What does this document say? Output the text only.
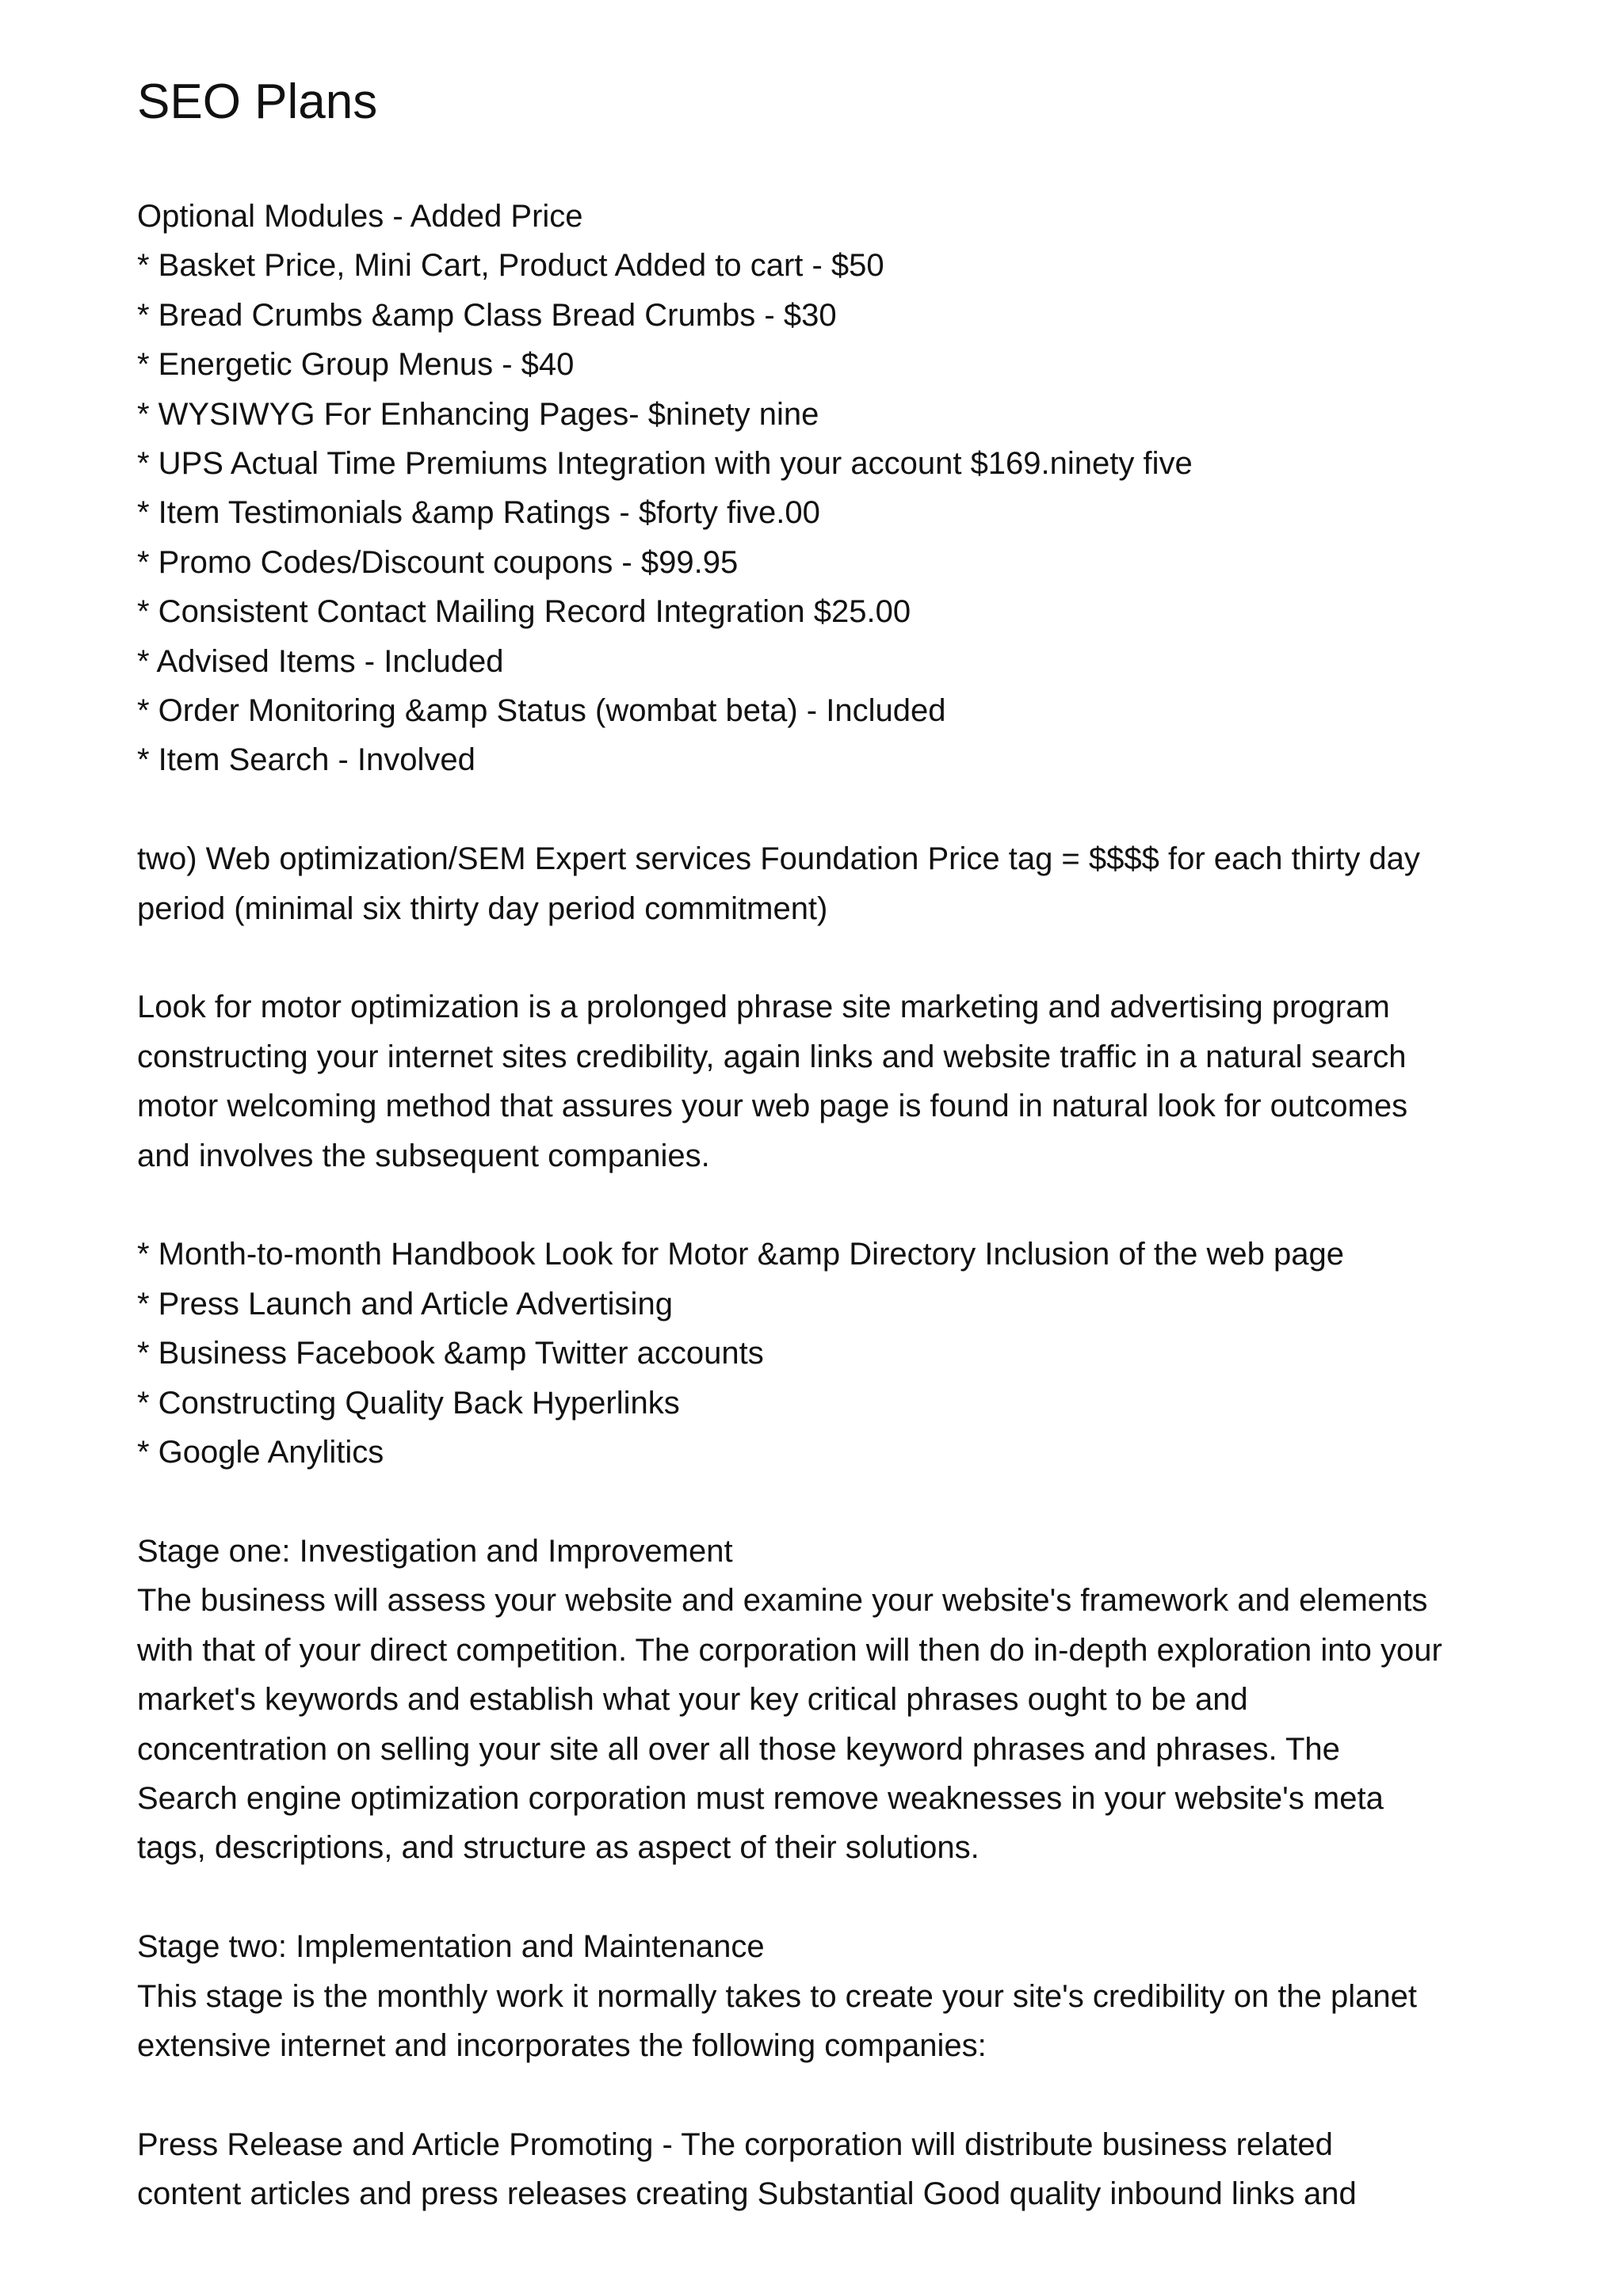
SEO Plans
Optional Modules - Added Price
* Basket Price, Mini Cart, Product Added to cart - $50
* Bread Crumbs &amp Class Bread Crumbs - $30
* Energetic Group Menus - $40
* WYSIWYG For Enhancing Pages- $ninety nine
* UPS Actual Time Premiums Integration with your account $169.ninety five
* Item Testimonials &amp Ratings - $forty five.00
* Promo Codes/Discount coupons - $99.95
* Consistent Contact Mailing Record Integration $25.00
* Advised Items - Included
* Order Monitoring &amp Status (wombat beta) - Included
* Item Search - Involved
two) Web optimization/SEM Expert services Foundation Price tag = $$$$ for each thirty day
period (minimal six thirty day period commitment)
Look for motor optimization is a prolonged phrase site marketing and advertising program
constructing your internet sites credibility, again links and website traffic in a natural search
motor welcoming method that assures your web page is found in natural look for outcomes
and involves the subsequent companies.
* Month-to-month Handbook Look for Motor &amp Directory Inclusion of the web page
* Press Launch and Article Advertising
* Business Facebook &amp Twitter accounts
* Constructing Quality Back Hyperlinks
* Google Anylitics
Stage one: Investigation and Improvement
The business will assess your website and examine your website's framework and elements
with that of your direct competition. The corporation will then do in-depth exploration into your
market's keywords and establish what your key critical phrases ought to be and
concentration on selling your site all over all those keyword phrases and phrases. The
Search engine optimization corporation must remove weaknesses in your website's meta
tags, descriptions, and structure as aspect of their solutions.
Stage two: Implementation and Maintenance
This stage is the monthly work it normally takes to create your site's credibility on the planet
extensive internet and incorporates the following companies:
Press Release and Article Promoting - The corporation will distribute business related
content articles and press releases creating Substantial Good quality inbound links and
